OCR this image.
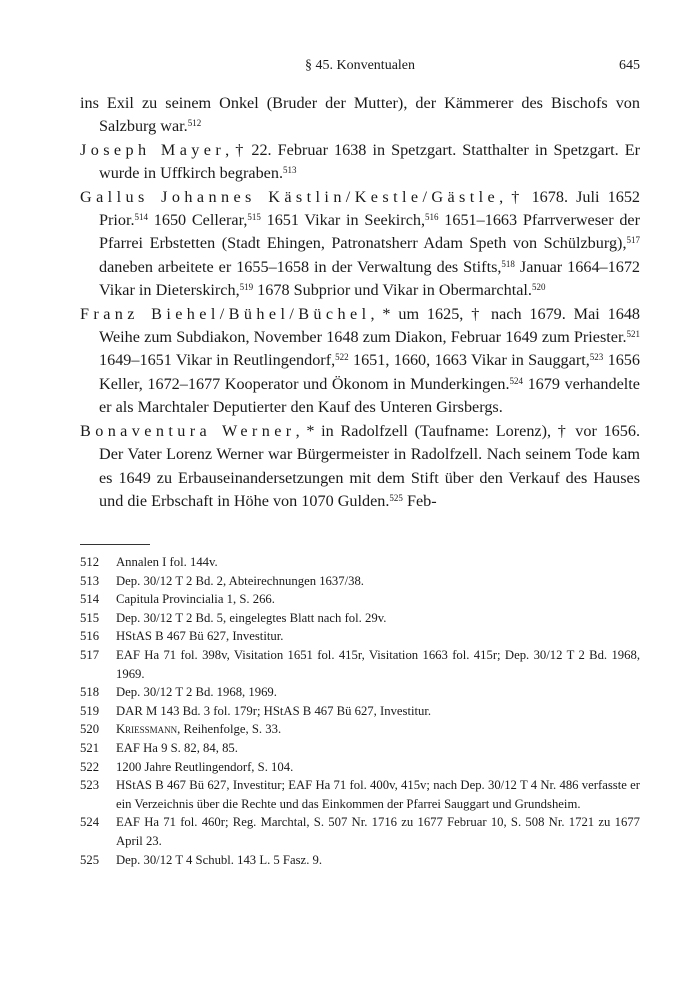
§ 45. Konventualen	645

ins Exil zu seinem Onkel (Bruder der Mutter), der Kämmerer des Bischofs von Salzburg war.$^{512}$

Joseph Mayer, † 22. Februar 1638 in Spetzgart. Statthalter in Spetzgart. Er wurde in Uffkirch begraben.$^{513}$

Gallus Johannes Kästlin/Kestle/Gästle, † 1678. Juli 1652 Prior.$^{514}$ 1650 Cellerar,$^{515}$ 1651 Vikar in Seekirch,$^{516}$ 1651–1663 Pfarrverweser der Pfarrei Erbstetten (Stadt Ehingen, Patronatsherr Adam Speth von Schülzburg),$^{517}$ daneben arbeitete er 1655–1658 in der Verwaltung des Stifts,$^{518}$ Januar 1664–1672 Vikar in Dieterskirch,$^{519}$ 1678 Subprior und Vikar in Obermarchtal.$^{520}$

Franz Biehel/Bühel/Büchel, * um 1625, † nach 1679. Mai 1648 Weihe zum Subdiakon, November 1648 zum Diakon, Februar 1649 zum Priester.$^{521}$ 1649–1651 Vikar in Reutlingendorf,$^{522}$ 1651, 1660, 1663 Vikar in Sauggart,$^{523}$ 1656 Keller, 1672–1677 Kooperator und Ökonom in Munderkingen.$^{524}$ 1679 verhandelte er als Marchtaler Deputierter den Kauf des Unteren Girsbergs.

Bonaventura Werner, * in Radolfzell (Taufname: Lorenz), † vor 1656. Der Vater Lorenz Werner war Bürgermeister in Radolfzell. Nach seinem Tode kam es 1649 zu Erbauseinandersetzungen mit dem Stift über den Verkauf des Hauses und die Erbschaft in Höhe von 1070 Gulden.$^{525}$ Feb-

512	Annalen I fol. 144v.
513	Dep. 30/12 T 2 Bd. 2, Abteirechnungen 1637/38.
514	Capitula Provincialia 1, S. 266.
515	Dep. 30/12 T 2 Bd. 5, eingelegtes Blatt nach fol. 29v.
516	HStAS B 467 Bü 627, Investitur.
517	EAF Ha 71 fol. 398v, Visitation 1651 fol. 415r, Visitation 1663 fol. 415r; Dep. 30/12 T 2 Bd. 1968, 1969.
518	Dep. 30/12 T 2 Bd. 1968, 1969.
519	DAR M 143 Bd. 3 fol. 179r; HStAS B 467 Bü 627, Investitur.
520	Kriessmann, Reihenfolge, S. 33.
521	EAF Ha 9 S. 82, 84, 85.
522	1200 Jahre Reutlingendorf, S. 104.
523	HStAS B 467 Bü 627, Investitur; EAF Ha 71 fol. 400v, 415v; nach Dep. 30/12 T 4 Nr. 486 verfasste er ein Verzeichnis über die Rechte und das Einkommen der Pfarrei Sauggart und Grundsheim.
524	EAF Ha 71 fol. 460r; Reg. Marchtal, S. 507 Nr. 1716 zu 1677 Februar 10, S. 508 Nr. 1721 zu 1677 April 23.
525	Dep. 30/12 T 4 Schubl. 143 L. 5 Fasz. 9.
